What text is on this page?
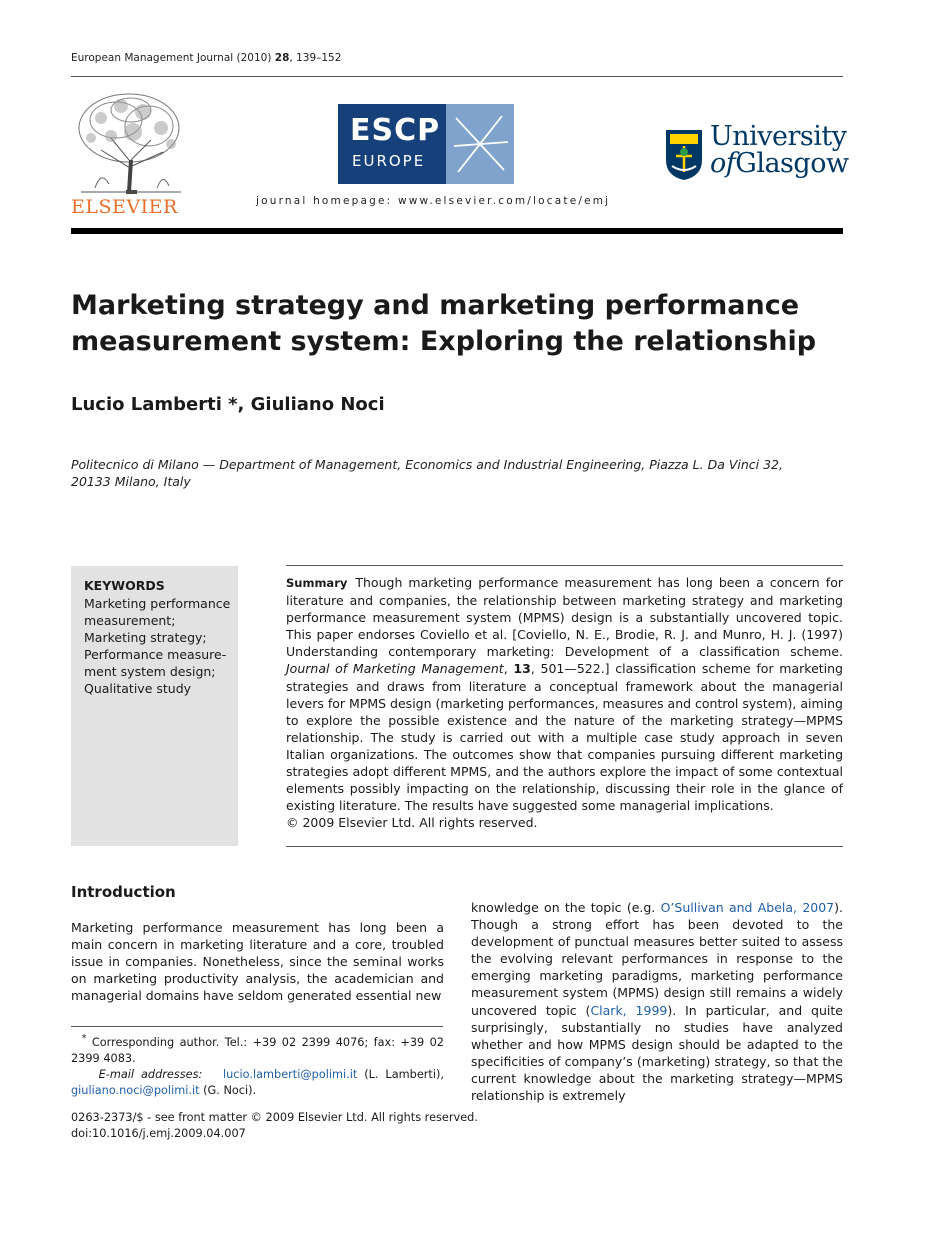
European Management Journal (2010) 28, 139–152
ELSEVIER
ESCP
EUROPE
journal homepage: www.elsevier.com/locate/emj
University
ofGlasgow
Marketing strategy and marketing performance
measurement system: Exploring the relationship
Lucio Lamberti *, Giuliano Noci
Politecnico di Milano — Department of Management, Economics and Industrial Engineering, Piazza L. Da Vinci 32,
20133 Milano, Italy
KEYWORDS
Marketing performance
measurement;
Marketing strategy;
Performance measure-
ment system design;
Qualitative study
Summary Though marketing performance measurement has long been a concern for literature and companies, the relationship between marketing strategy and marketing performance measurement system (MPMS) design is a substantially uncovered topic. This paper endorses Coviello et al. [Coviello, N. E., Brodie, R. J. and Munro, H. J. (1997) Understanding contemporary marketing: Development of a classification scheme. Journal of Marketing Management, 13, 501—522.] classification scheme for marketing strategies and draws from literature a conceptual framework about the managerial levers for MPMS design (marketing performances, measures and control system), aiming to explore the possible existence and the nature of the marketing strategy—MPMS relationship. The study is carried out with a multiple case study approach in seven Italian organizations. The outcomes show that companies pursuing different marketing strategies adopt different MPMS, and the authors explore the impact of some contextual elements possibly impacting on the relationship, discussing their role in the glance of existing literature. The results have suggested some managerial implications.
© 2009 Elsevier Ltd. All rights reserved.
Introduction
Marketing performance measurement has long been a main concern in marketing literature and a core, troubled issue in companies. Nonetheless, since the seminal works on marketing productivity analysis, the academician and managerial domains have seldom generated essential new
knowledge on the topic (e.g. O’Sullivan and Abela, 2007). Though a strong effort has been devoted to the development of punctual measures better suited to assess the evolving relevant performances in response to the emerging marketing paradigms, marketing performance measurement system (MPMS) design still remains a widely uncovered topic (Clark, 1999). In particular, and quite surprisingly, substantially no studies have analyzed whether and how MPMS design should be adapted to the specificities of company’s (marketing) strategy, so that the current knowledge about the marketing strategy—MPMS relationship is extremely
* Corresponding author. Tel.: +39 02 2399 4076; fax: +39 02 2399 4083.
E-mail addresses: lucio.lamberti@polimi.it (L. Lamberti), giuliano.noci@polimi.it (G. Noci).
0263-2373/$ - see front matter © 2009 Elsevier Ltd. All rights reserved.
doi:10.1016/j.emj.2009.04.007
